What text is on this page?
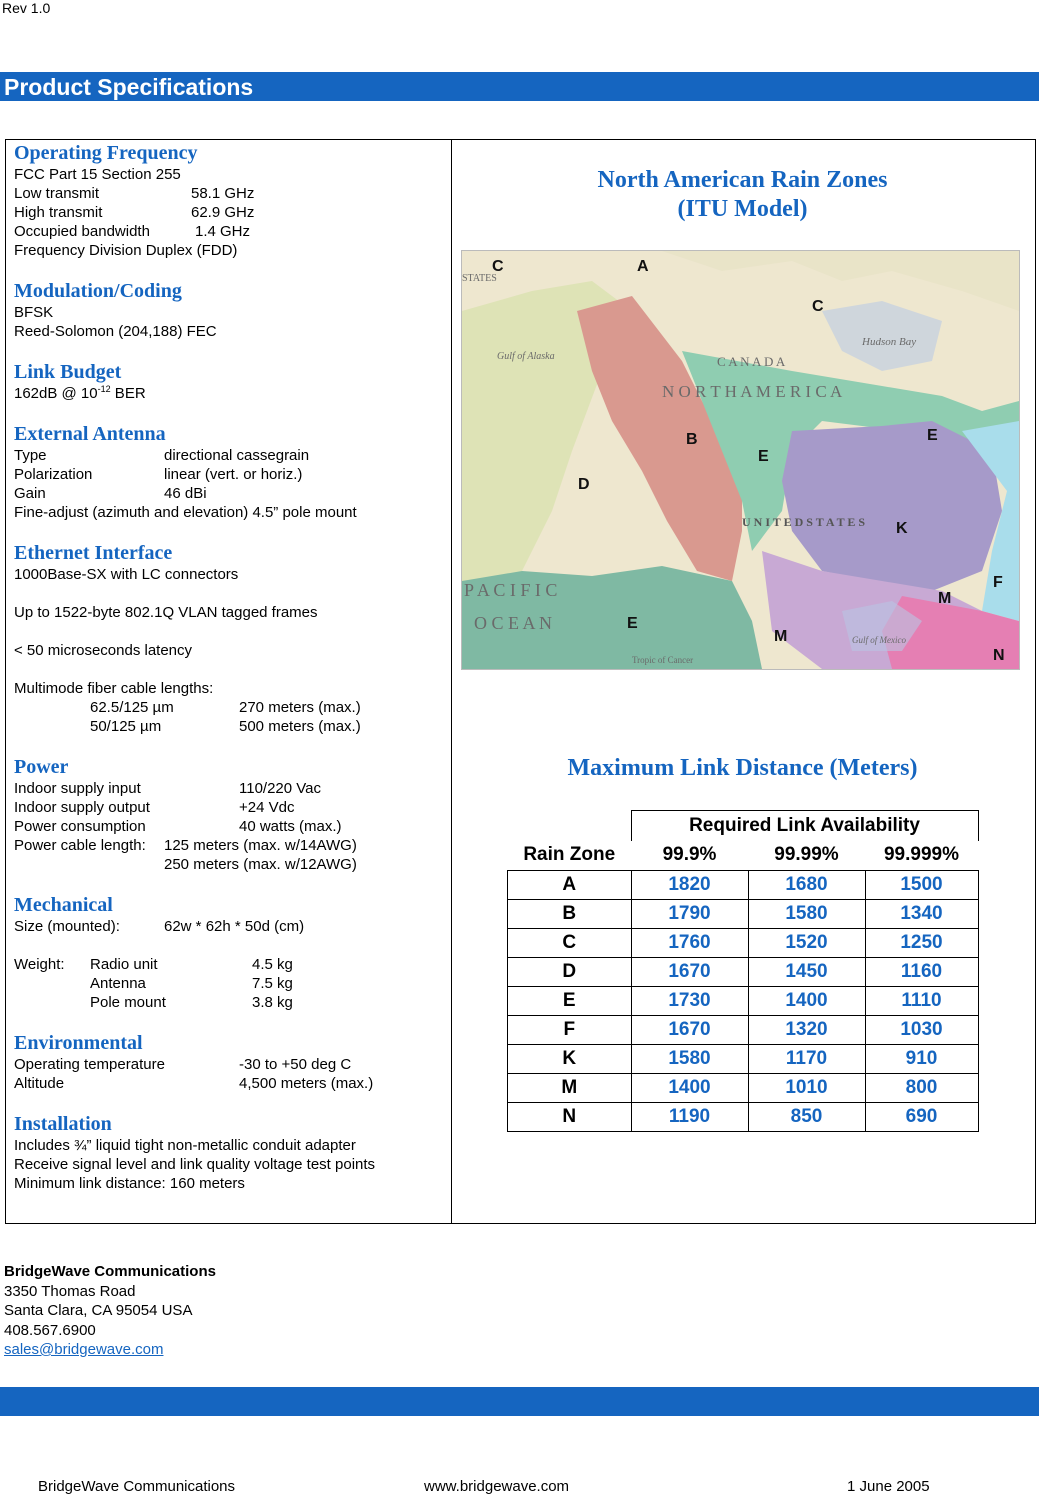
Rev 1.0
Product Specifications

Operating Frequency

FCC Part 15 Section 255
Low transmit	58.1 GHz
High transmit	62.9 GHz
Occupied bandwidth	1.4 GHz
Frequency Division Duplex (FDD)

Modulation/Coding

BFSK
Reed-Solomon (204,188) FEC

Link Budget

162dB @ $10^{-12}$ BER

External Antenna

Type	directional cassegrain
Polarization	linear (vert. or horiz.)
Gain	46 dBi
Fine-adjust (azimuth and elevation) 4.5” pole mount

Ethernet Interface

1000Base-SX with LC connectors
Up to 1522-byte 802.1Q VLAN tagged frames
< 50 microseconds latency
Multimode fiber cable lengths:
62.5/125 µm	270 meters (max.)
50/125 µm	500 meters (max.)

Power

Indoor supply input	110/220 Vac
Indoor supply output	+24 Vdc
Power consumption	40 watts (max.)
Power cable length: 125 meters (max. w/14AWG)
250 meters (max. w/12AWG)

Mechanical

Size (mounted):	62w * 62h * 50d (cm)
Weight: Radio unit	4.5 kg
Antenna	7.5 kg
Pole mount	3.8 kg

Environmental

Operating temperature	-30 to +50 deg C
Altitude	4,500 meters (max.)

Installation

Includes ¾” liquid tight non-metallic conduit adapter
Receive signal level and link quality voltage test points
Minimum link distance: 160 meters
North American Rain Zones
(ITU Model)
C	A
C
B
E
E
D
K
F
M
E
M
N
C A N A D A
N O R T H A M E R I C A
U N I T E D S T A T E S
P A C I F I C
O C E A N
Hudson Bay
Gulf of Alaska
Gulf of Mexico
Tropic of Cancer
STATES
Maximum Link Distance (Meters)
	Required Link Availability		
Rain Zone	99.9%	99.99%	99.999%
A	1820	1680	1500
B	1790	1580	1340
C	1760	1520	1250
D	1670	1450	1160
E	1730	1400	1110
F	1670	1320	1030
K	1580	1170	910
M	1400	1010	800
N	1190	850	690
BridgeWave Communications
3350 Thomas Road
Santa Clara, CA 95054 USA
408.567.6900
sales@bridgewave.com
BridgeWave Communications	www.bridgewave.com	1 June 2005
